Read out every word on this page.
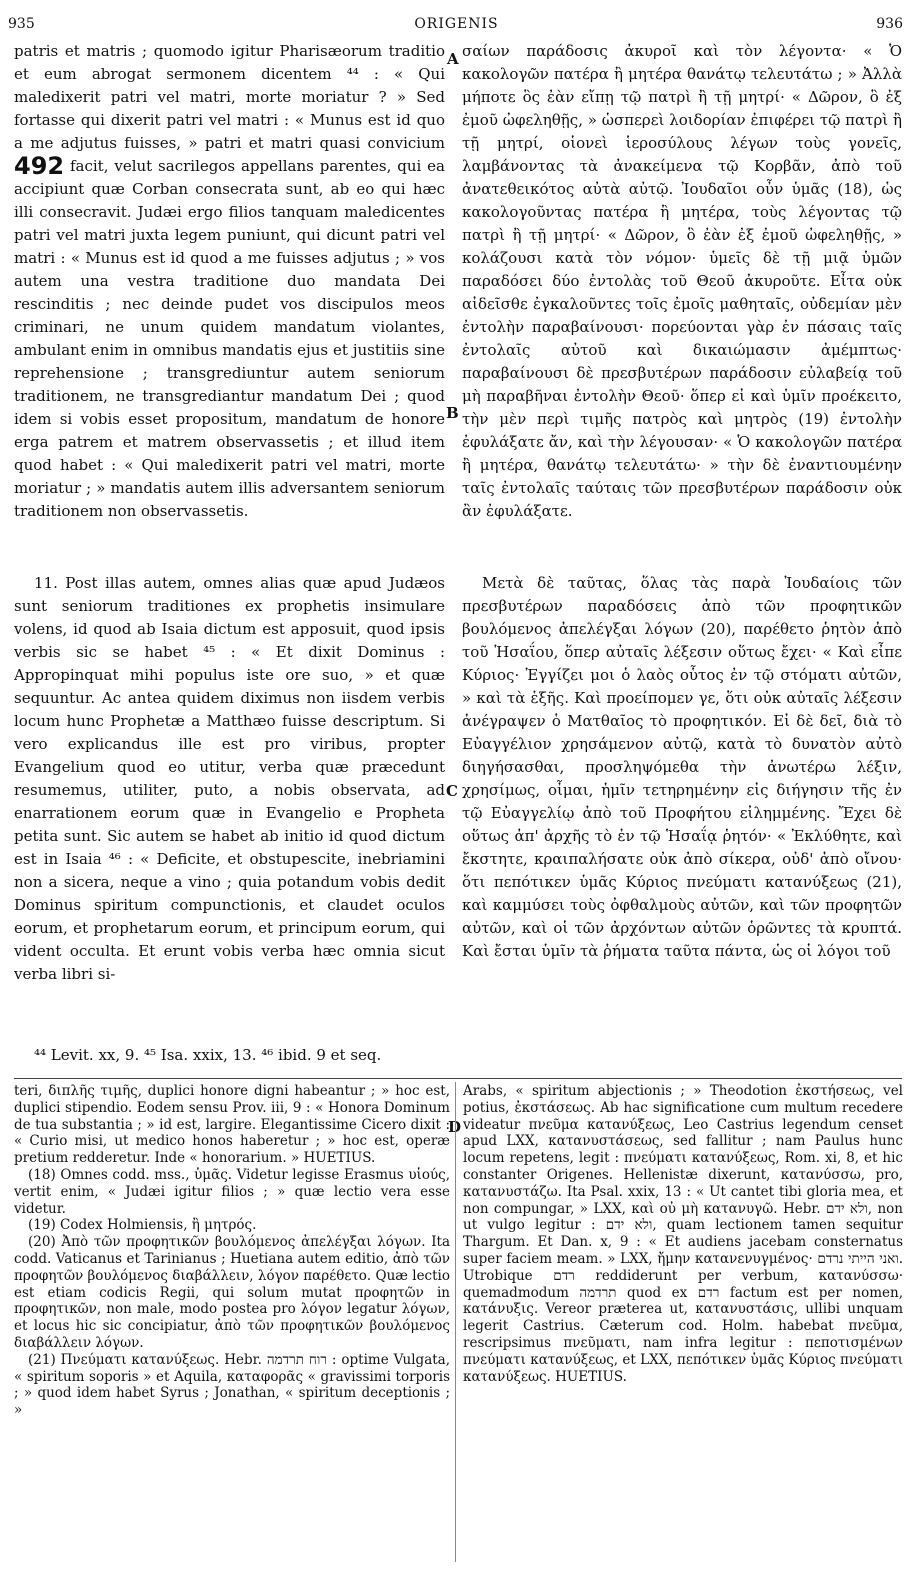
935	ORIGENIS	936

patris et matris ; quomodo igitur Pharisæorum traditio et eum abrogat sermonem dicentem ⁴⁴ : « Qui maledixerit patri vel matri, morte moriatur ? » Sed fortasse qui dixerit patri vel matri : « Munus est id quo a me adjutus fuisses, » patri et matri quasi convicium 492 facit, velut sacrilegos appellans parentes, qui ea accipiunt quæ Corban consecrata sunt, ab eo qui hæc illi consecravit. Judæi ergo filios tanquam maledicentes patri vel matri juxta legem puniunt, qui dicunt patri vel matri : « Munus est id quod a me fuisses adjutus ; » vos autem una vestra traditione duo mandata Dei rescinditis ; nec deinde pudet vos discipulos meos criminari, ne unum quidem mandatum violantes, ambulant enim in omnibus mandatis ejus et justitiis sine reprehensione ; transgrediuntur autem seniorum traditionem, ne transgrediantur mandatum Dei ; quod idem si vobis esset propositum, mandatum de honore erga patrem et matrem observassetis ; et illud item quod habet : « Qui maledixerit patri vel matri, morte moriatur ; » mandatis autem illis adversantem seniorum traditionem non observassetis.

11. Post illas autem, omnes alias quæ apud Judæos sunt seniorum traditiones ex prophetis insimulare volens, id quod ab Isaia dictum est apposuit, quod ipsis verbis sic se habet ⁴⁵ : « Et dixit Dominus : Appropinquat mihi populus iste ore suo, » et quæ sequuntur. Ac antea quidem diximus non iisdem verbis locum hunc Prophetæ a Matthæo fuisse descriptum. Si vero explicandus ille est pro viribus, propter Evangelium quod eo utitur, verba quæ præcedunt resumemus, utiliter, puto, a nobis observata, ad enarrationem eorum quæ in Evangelio e Propheta petita sunt. Sic autem se habet ab initio id quod dictum est in Isaia ⁴⁶ : « Deficite, et obstupescite, inebriamini non a sicera, neque a vino ; quia potandum vobis dedit Dominus spiritum compunctionis, et claudet oculos eorum, et prophetarum eorum, et principum eorum, qui vident occulta. Et erunt vobis verba hæc omnia sicut verba libri si-

σαίων παράδοσις ἀκυροῖ καὶ τὸν λέγοντα· « Ὁ κακολογῶν πατέρα ἢ μητέρα θανάτῳ τελευτάτω ; » Ἀλλὰ μήποτε ὃς ἐὰν εἴπῃ τῷ πατρὶ ἢ τῇ μητρί· « Δῶρον, ὃ ἐξ ἐμοῦ ὠφεληθῇς, » ὡσπερεὶ λοιδορίαν ἐπιφέρει τῷ πατρὶ ἢ τῇ μητρί, οἱονεὶ ἱεροσύλους λέγων τοὺς γονεῖς, λαμβάνοντας τὰ ἀνακείμενα τῷ Κορβᾶν, ἀπὸ τοῦ ἀνατεθεικότος αὐτὰ αὐτῷ. Ἰουδαῖοι οὖν ὑμᾶς (18), ὡς κακολογοῦντας πατέρα ἢ μητέρα, τοὺς λέγοντας τῷ πατρὶ ἢ τῇ μητρί· « Δῶρον, ὃ ἐὰν ἐξ ἐμοῦ ὠφεληθῇς, » κολάζουσι κατὰ τὸν νόμον· ὑμεῖς δὲ τῇ μιᾷ ὑμῶν παραδόσει δύο ἐντολὰς τοῦ Θεοῦ ἀκυροῦτε. Εἶτα οὐκ αἰδεῖσθε ἐγκαλοῦντες τοῖς ἐμοῖς μαθηταῖς, οὐδεμίαν μὲν ἐντολὴν παραβαίνουσι· πορεύονται γὰρ ἐν πάσαις ταῖς ἐντολαῖς αὐτοῦ καὶ δικαιώμασιν ἀμέμπτως· παραβαίνουσι δὲ πρεσβυτέρων παράδοσιν εὐλαβείᾳ τοῦ μὴ παραβῆναι ἐντολὴν Θεοῦ· ὅπερ εἰ καὶ ὑμῖν προέκειτο, τὴν μὲν περὶ τιμῆς πατρὸς καὶ μητρὸς (19) ἐντολὴν ἐφυλάξατε ἄν, καὶ τὴν λέγουσαν· « Ὁ κακολογῶν πατέρα ἢ μητέρα, θανάτῳ τελευτάτω· » τὴν δὲ ἐναντιουμένην ταῖς ἐντολαῖς ταύταις τῶν πρεσβυτέρων παράδοσιν οὐκ ἂν ἐφυλάξατε.

Μετὰ δὲ ταῦτας, ὅλας τὰς παρὰ Ἰουδαίοις τῶν πρεσβυτέρων παραδόσεις ἀπὸ τῶν προφητικῶν βουλόμενος ἀπελέγξαι λόγων (20), παρέθετο ῥητὸν ἀπὸ τοῦ Ἡσαΐου, ὅπερ αὐταῖς λέξεσιν οὕτως ἔχει· « Καὶ εἶπε Κύριος· Ἐγγίζει μοι ὁ λαὸς οὗτος ἐν τῷ στόματι αὐτῶν, » καὶ τὰ ἑξῆς. Καὶ προείπομεν γε, ὅτι οὐκ αὐταῖς λέξεσιν ἀνέγραψεν ὁ Ματθαῖος τὸ προφητικόν. Εἰ δὲ δεῖ, διὰ τὸ Εὐαγγέλιον χρησάμενον αὐτῷ, κατὰ τὸ δυνατὸν αὐτὸ διηγήσασθαι, προσληψόμεθα τὴν ἀνωτέρω λέξιν, χρησίμως, οἶμαι, ἡμῖν τετηρημένην εἰς διήγησιν τῆς ἐν τῷ Εὐαγγελίῳ ἀπὸ τοῦ Προφήτου εἰλημμένης. Ἔχει δὲ οὕτως ἀπ' ἀρχῆς τὸ ἐν τῷ Ἡσαΐᾳ ῥητόν· « Ἐκλύθητε, καὶ ἔκστητε, κραιπαλήσατε οὐκ ἀπὸ σίκερα, οὐδ' ἀπὸ οἴνου· ὅτι πεπότικεν ὑμᾶς Κύριος πνεύματι κατανύξεως (21), καὶ καμμύσει τοὺς ὀφθαλμοὺς αὐτῶν, καὶ τῶν προφητῶν αὐτῶν, καὶ οἱ τῶν ἀρχόντων αὐτῶν ὁρῶντες τὰ κρυπτά. Καὶ ἔσται ὑμῖν τὰ ῥήματα ταῦτα πάντα, ὡς οἱ λόγοι τοῦ

A
B
C
D
⁴⁴ Levit. xx, 9. ⁴⁵ Isa. xxix, 13. ⁴⁶ ibid. 9 et seq.

teri, διπλῆς τιμῆς, duplici honore digni habeantur ; » hoc est, duplici stipendio. Eodem sensu Prov. iii, 9 : « Honora Dominum de tua substantia ; » id est, largire. Elegantissime Cicero dixit : « Curio misi, ut medico honos haberetur ; » hoc est, operæ pretium redderetur. Inde « honorarium. » HUETIUS.

(18) Omnes codd. mss., ὑμᾶς. Videtur legisse Erasmus υἱούς, vertit enim, « Judæi igitur filios ; » quæ lectio vera esse videtur.

(19) Codex Holmiensis, ἢ μητρός.

(20) Ἀπὸ τῶν προφητικῶν βουλόμενος ἀπελέγξαι λόγων. Ita codd. Vaticanus et Tarinianus ; Huetiana autem editio, ἀπὸ τῶν προφητῶν βουλόμενος διαβάλλειν, λόγον παρέθετο. Quæ lectio est etiam codicis Regii, qui solum mutat προφητῶν in προφητικῶν, non male, modo postea pro λόγον legatur λόγων, et locus hic sic concipiatur, ἀπὸ τῶν προφητικῶν βουλόμενος διαβάλλειν λόγων.

(21) Πνεύματι κατανύξεως. Hebr. רוח תרדמה : optime Vulgata, « spiritum soporis » et Aquila, καταφορᾶς « gravissimi torporis ; » quod idem habet Syrus ; Jonathan, « spiritum deceptionis ; »

Arabs, « spiritum abjectionis ; » Theodotion ἐκστήσεως, vel potius, ἐκστάσεως. Ab hac significatione cum multum recedere videatur πνεῦμα κατανύξεως, Leo Castrius legendum censet apud LXX, κατανυστάσεως, sed fallitur ; nam Paulus hunc locum repetens, legit : πνεύματι κατανύξεως, Rom. xi, 8, et hic constanter Origenes. Hellenistæ dixerunt, κατανύσσω, pro, κατανυστάζω. Ita Psal. xxix, 13 : « Ut cantet tibi gloria mea, et non compungar, » LXX, καὶ οὐ μὴ κατανυγῶ. Hebr. ולא ידם, non ut vulgo legitur : ולא ידם, quam lectionem tamen sequitur Thargum. Et Dan. x, 9 : « Et audiens jacebam consternatus super faciem meam. » LXX, ἤμην κατανενυγμένος· ואני הייתי נרדם. Utrobique רדם reddiderunt per verbum, κατανύσσω· quemadmodum תרדמה quod ex רדם factum est per nomen, κατάνυξις. Vereor præterea ut, κατανυστάσις, ullibi unquam legerit Castrius. Cæterum cod. Holm. habebat πνεῦμα, rescripsimus πνεῦματι, nam infra legitur : πεποτισμένων πνεύματι κατανύξεως, et LXX, πεπότικεν ὑμᾶς Κύριος πνεύματι κατανύξεως. HUETIUS.
